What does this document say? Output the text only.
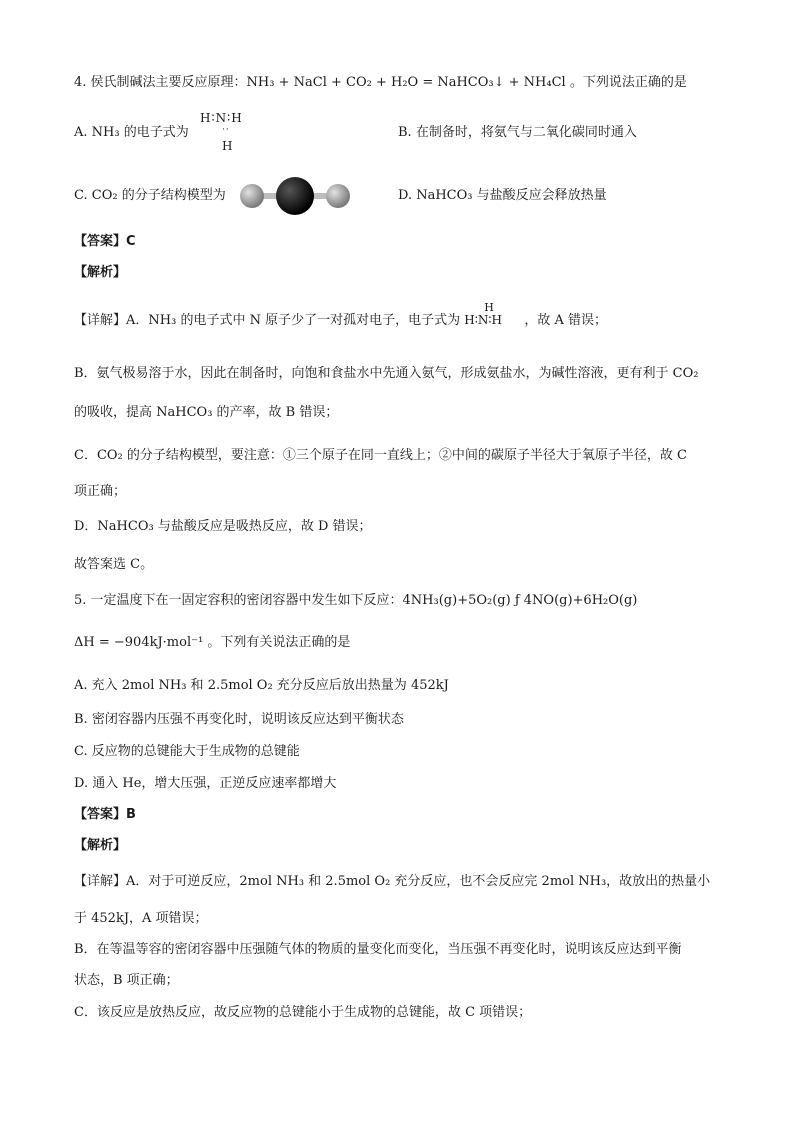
4. 侯氏制碱法主要反应原理：NH₃ + NaCl + CO₂ + H₂O = NaHCO₃↓ + NH₄Cl 。下列说法正确的是
A. NH₃ 的电子式为
H∶N∶H
··
H
B. 在制备时，将氨气与二氧化碳同时通入
C. CO₂ 的分子结构模型为	D. NaHCO₃ 与盐酸反应会释放热量
【答案】C
【解析】
【详解】A．NH₃ 的电子式中 N 原子少了一对孤对电子，电子式为
H
H∶N∶H ，故 A 错误；
B．氨气极易溶于水，因此在制备时，向饱和食盐水中先通入氨气，形成氨盐水，为碱性溶液，更有利于 CO₂
的吸收，提高 NaHCO₃ 的产率，故 B 错误；
C．CO₂ 的分子结构模型，要注意：①三个原子在同一直线上；②中间的碳原子半径大于氧原子半径，故 C
项正确；
D．NaHCO₃ 与盐酸反应是吸热反应，故 D 错误；
故答案选 C。
5. 一定温度下在一固定容积的密闭容器中发生如下反应：4NH₃(g)+5O₂(g) ƒ 4NO(g)+6H₂O(g)
ΔH = −904kJ·mol⁻¹ 。下列有关说法正确的是
A. 充入 2mol NH₃ 和 2.5mol O₂ 充分反应后放出热量为 452kJ
B. 密闭容器内压强不再变化时，说明该反应达到平衡状态
C. 反应物的总键能大于生成物的总键能
D. 通入 He，增大压强，正逆反应速率都增大
【答案】B
【解析】
【详解】A．对于可逆反应，2mol NH₃ 和 2.5mol O₂ 充分反应，也不会反应完 2mol NH₃，故放出的热量小
于 452kJ，A 项错误；
B．在等温等容的密闭容器中压强随气体的物质的量变化而变化，当压强不再变化时，说明该反应达到平衡
状态，B 项正确；
C．该反应是放热反应，故反应物的总键能小于生成物的总键能，故 C 项错误；
